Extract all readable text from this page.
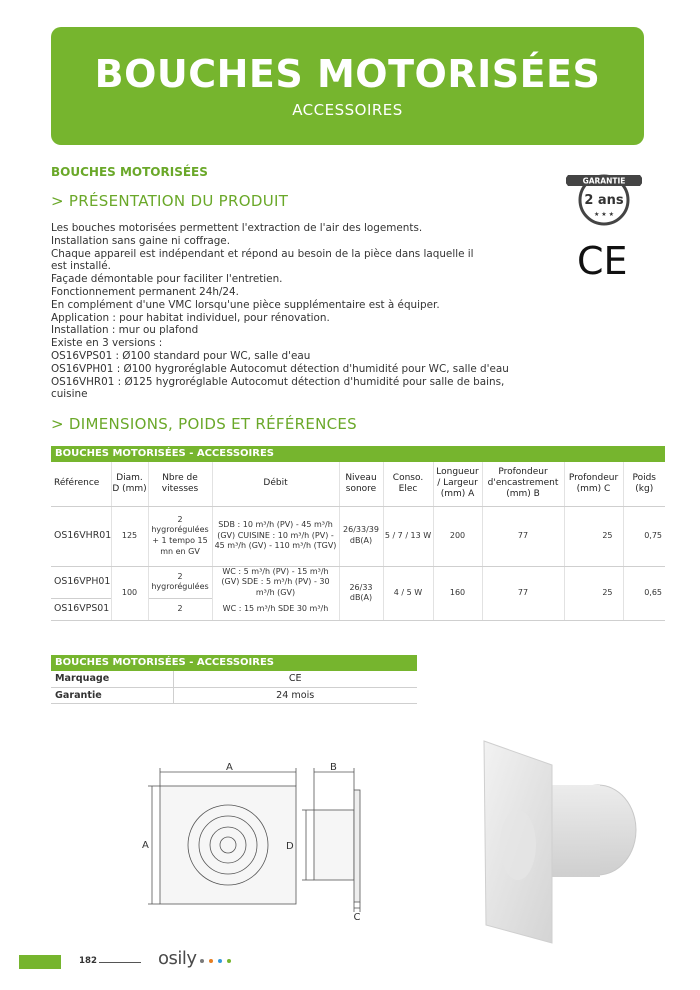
BOUCHES MOTORISÉES
ACCESSOIRES
BOUCHES MOTORISÉES
> PRÉSENTATION DU PRODUIT
Les bouches motorisées permettent l'extraction de l'air des logements.
Installation sans gaine ni coffrage.
Chaque appareil est indépendant et répond au besoin de la pièce dans laquelle il
est installé.
Façade démontable pour faciliter l'entretien.
Fonctionnement permanent 24h/24.
En complément d'une VMC lorsqu'une pièce supplémentaire est à équiper.
Application : pour habitat individuel, pour rénovation.
Installation : mur ou plafond
Existe en 3 versions :
OS16VPS01 : Ø100 standard pour WC, salle d'eau
OS16VPH01 : Ø100 hygroréglable Autocomut détection d'humidité pour WC, salle d'eau
OS16VHR01 : Ø125 hygroréglable Autocomut détection d'humidité pour salle de bains,
cuisine
GARANTIE
2 ans
★ ★ ★
CE
> DIMENSIONS, POIDS ET RÉFÉRENCES
BOUCHES MOTORISÉES - ACCESSOIRES
Référence	Diam. D (mm)	Nbre de vitesses	Débit	Niveau sonore	Conso. Elec	Longueur / Largeur (mm) A	Profondeur d'encastrement (mm) B	Profondeur (mm) C	Poids (kg)
OS16VHR01	125	2 hygrorégulées + 1 tempo 15 mn en GV	SDB : 10 m³/h (PV) - 45 m³/h (GV) CUISINE : 10 m³/h (PV) - 45 m³/h (GV) - 110 m³/h (TGV)	26/33/39 dB(A)	5 / 7 / 13 W	200	77	25	0,75
OS16VPH01	100	2 hygrorégulées	WC : 5 m³/h (PV) - 15 m³/h (GV) SDE : 5 m³/h (PV) - 30 m³/h (GV)	26/33 dB(A)	4 / 5 W	160	77	25	0,65
OS16VPS01		2	WC : 15 m³/h SDE 30 m³/h						
BOUCHES MOTORISÉES - ACCESSOIRES
Marquage	CE
Garantie	24 mois
A
A
B
D
C
182	osily
